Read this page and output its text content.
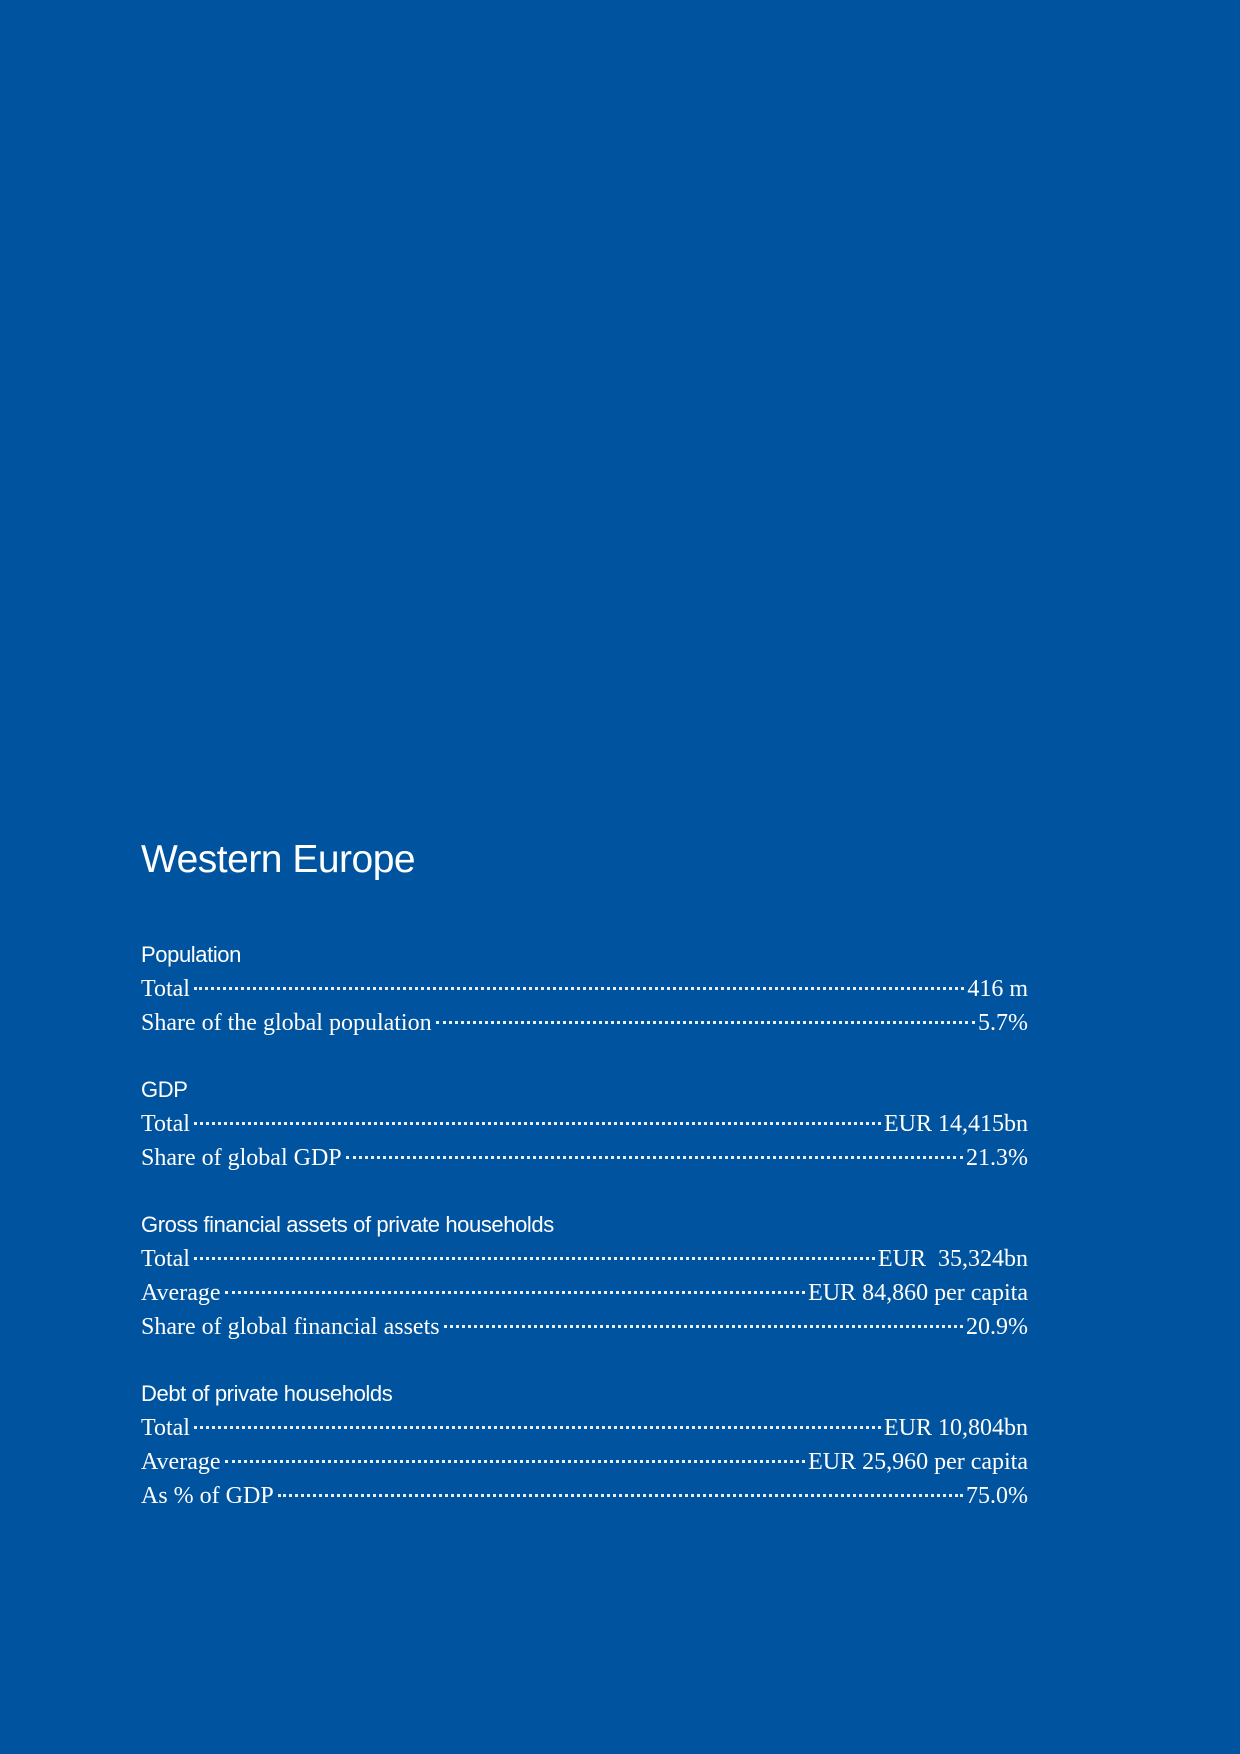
Western Europe
Population
Total	416 m
Share of the global population	5.7%
GDP
Total	EUR 14,415bn
Share of global GDP	21.3%
Gross financial assets of private households
Total	EUR  35,324bn
Average	EUR 84,860 per capita
Share of global financial assets	20.9%
Debt of private households
Total	EUR 10,804bn
Average	EUR 25,960 per capita
As % of GDP	75.0%
